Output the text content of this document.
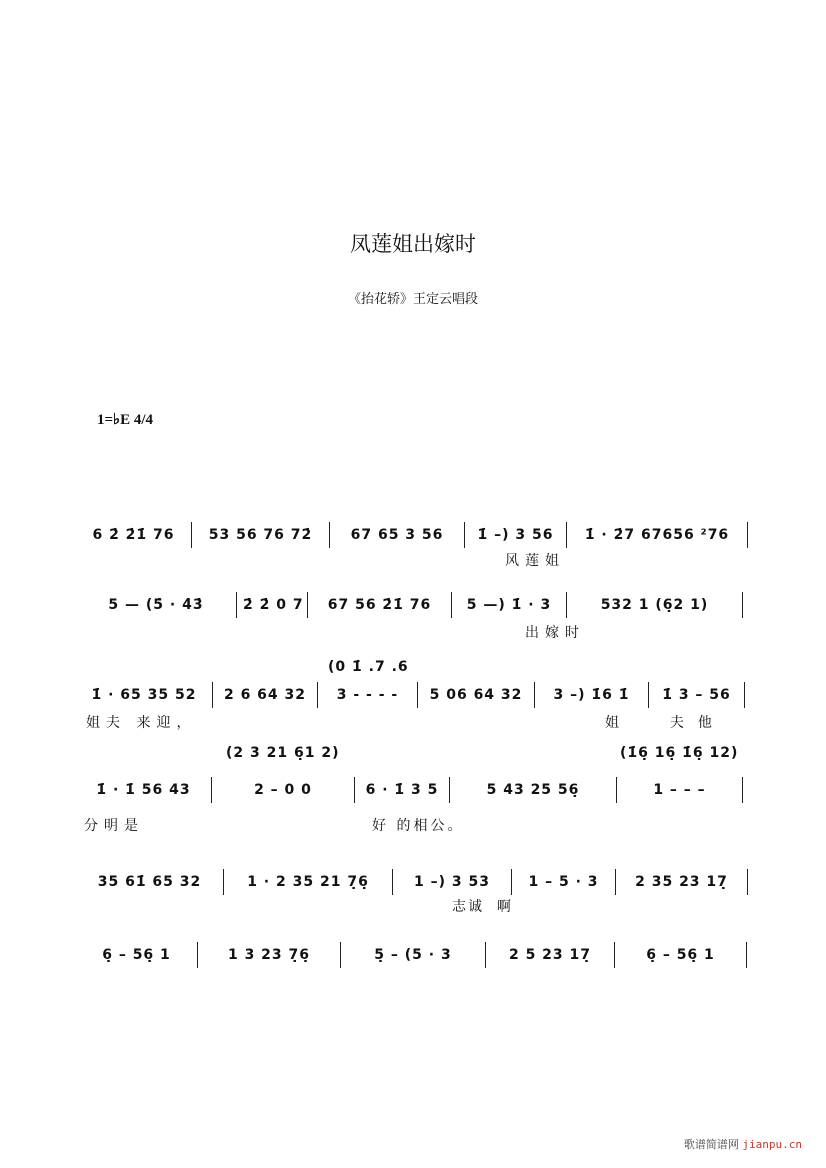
凤莲姐出嫁时
《抬花轿》王定云唱段
1=♭E 4/4
6 2̇ 2̇1̇ 76	53 56 76 72̇	67 65 3 56	1̇ –) 3 56	1̇ · 2̇7 67656 ²76
风莲姐
5 — (5̇ · 4̇3̇	2̇ 2̇ 0 7	67 56 2̇1̇ 76	5 —) 1̇ · 3	532 1 (6̣2 1)
出嫁时
(0 1̇ .7 .6
1̇ · 65 35 52	2 6 64 32	3 - - - -	5 06 64 32	3 –) 1̇6 1̇	1̇ 3 – 56
姐夫 来迎，	姐  夫他
(2 3 21 6̣1 2)	(1̇6̣ 16̣ 1̇6̣ 12)
1̇ · 1̇ 56 43	2 – 0 0	6 · 1̇ 3 5	5 43 25 56̣	1 – – –
分明是	好 的相公。
35 61̇ 65 32	1 · 2 35 21 7̣6̣	1 –) 3 53	1 – 5 · 3	2 35 23 17̣
志诚  啊
6̣ – 56̣ 1	1 3 23 7̣6̣	5̣ – (5 · 3	2 5 23 17̣	6̣ – 56̣ 1
歌谱简谱网 jianpu.cn
